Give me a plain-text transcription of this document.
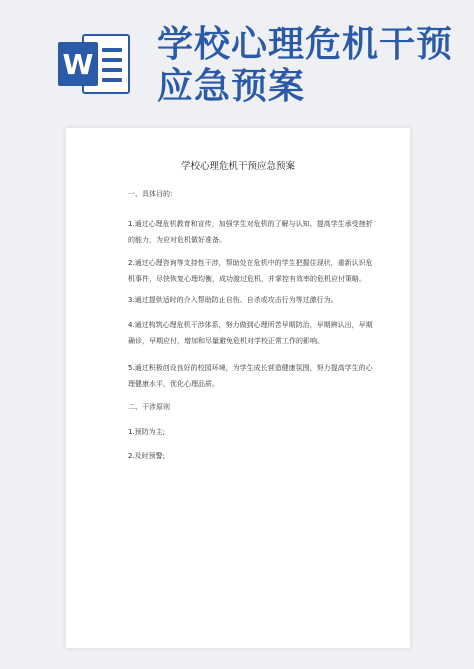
W 学校心理危机干预应急预案

学校心理危机干预应急预案

一、具体目的:

1.通过心理危机教育和宣传，加强学生对危机的了解与认知，提高学生承受挫折的能力，为应对危机做好准备。

2.通过心理咨询等支持性干涉，帮助处在危机中的学生把握住现状，重新认识危机事件，尽快恢复心理均衡，成功渡过危机，并掌控有效率的危机应付策略。

3.通过提供适时的介入帮助防止自伤、自杀或攻击行为等过激行为。

4.通过构筑心理危机干涉体系，努力做到心理所苦早期防治，早期辨认出，早期确诊，早期应付，增加和尽量避免危机对学校正常工作的影响。

5.通过积极创设良好的校园环境，为学生成长营造健康氛围，努力提高学生的心理健康水平，优化心理品质。

二、干涉原则

1.预防为主;

2.及时预警;
